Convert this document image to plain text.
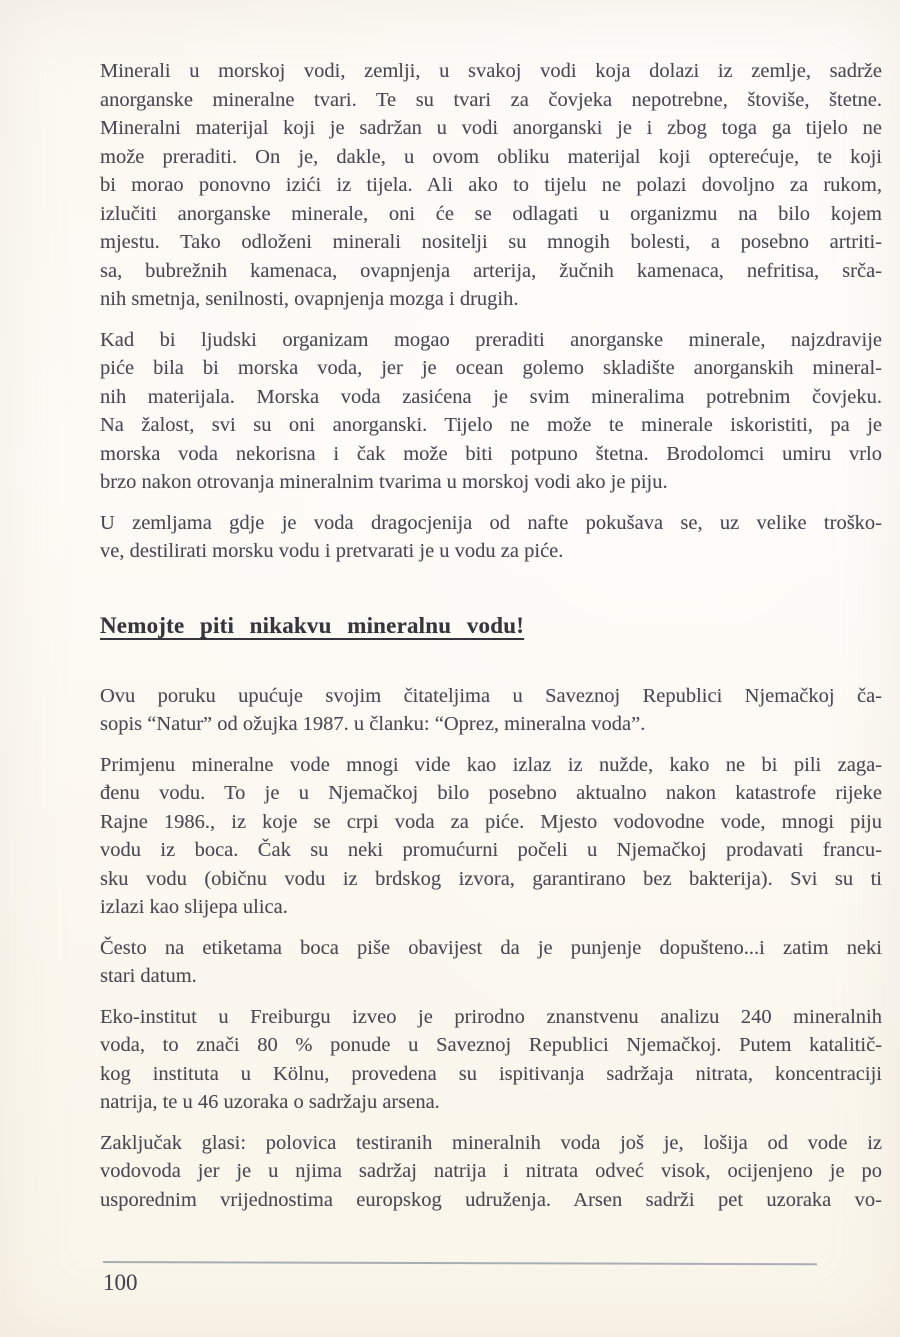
Minerali u morskoj vodi, zemlji, u svakoj vodi koja dolazi iz zemlje, sadrže
anorganske mineralne tvari. Te su tvari za čovjeka nepotrebne, štoviše, štetne.
Mineralni materijal koji je sadržan u vodi anorganski je i zbog toga ga tijelo ne
može preraditi. On je, dakle, u ovom obliku materijal koji opterećuje, te koji
bi morao ponovno izići iz tijela. Ali ako to tijelu ne polazi dovoljno za rukom,
izlučiti anorganske minerale, oni će se odlagati u organizmu na bilo kojem
mjestu. Tako odloženi minerali nositelji su mnogih bolesti, a posebno artriti-
sa, bubrežnih kamenaca, ovapnjenja arterija, žučnih kamenaca, nefritisa, srča-
nih smetnja, senilnosti, ovapnjenja mozga i drugih.
Kad bi ljudski organizam mogao preraditi anorganske minerale, najzdravije
piće bila bi morska voda, jer je ocean golemo skladište anorganskih mineral-
nih materijala. Morska voda zasićena je svim mineralima potrebnim čovjeku.
Na žalost, svi su oni anorganski. Tijelo ne može te minerale iskoristiti, pa je
morska voda nekorisna i čak može biti potpuno štetna. Brodolomci umiru vrlo
brzo nakon otrovanja mineralnim tvarima u morskoj vodi ako je piju.
U zemljama gdje je voda dragocjenija od nafte pokušava se, uz velike troško-
ve, destilirati morsku vodu i pretvarati je u vodu za piće.
Nemojte piti nikakvu mineralnu vodu!
Ovu poruku upućuje svojim čitateljima u Saveznoj Republici Njemačkoj ča-
sopis “Natur” od ožujka 1987. u članku: “Oprez, mineralna voda”.
Primjenu mineralne vode mnogi vide kao izlaz iz nužde, kako ne bi pili zaga-
đenu vodu. To je u Njemačkoj bilo posebno aktualno nakon katastrofe rijeke
Rajne 1986., iz koje se crpi voda za piće. Mjesto vodovodne vode, mnogi piju
vodu iz boca. Čak su neki promućurni počeli u Njemačkoj prodavati francu-
sku vodu (običnu vodu iz brdskog izvora, garantirano bez bakterija). Svi su ti
izlazi kao slijepa ulica.
Često na etiketama boca piše obavijest da je punjenje dopušteno...i zatim neki
stari datum.
Eko-institut u Freiburgu izveo je prirodno znanstvenu analizu 240 mineralnih
voda, to znači 80 % ponude u Saveznoj Republici Njemačkoj. Putem katalitič-
kog instituta u Kölnu, provedena su ispitivanja sadržaja nitrata, koncentraciji
natrija, te u 46 uzoraka o sadržaju arsena.
Zaključak glasi: polovica testiranih mineralnih voda još je, lošija od vode iz
vodovoda jer je u njima sadržaj natrija i nitrata odveć visok, ocijenjeno je po
usporednim vrijednostima europskog udruženja. Arsen sadrži pet uzoraka vo-
100
